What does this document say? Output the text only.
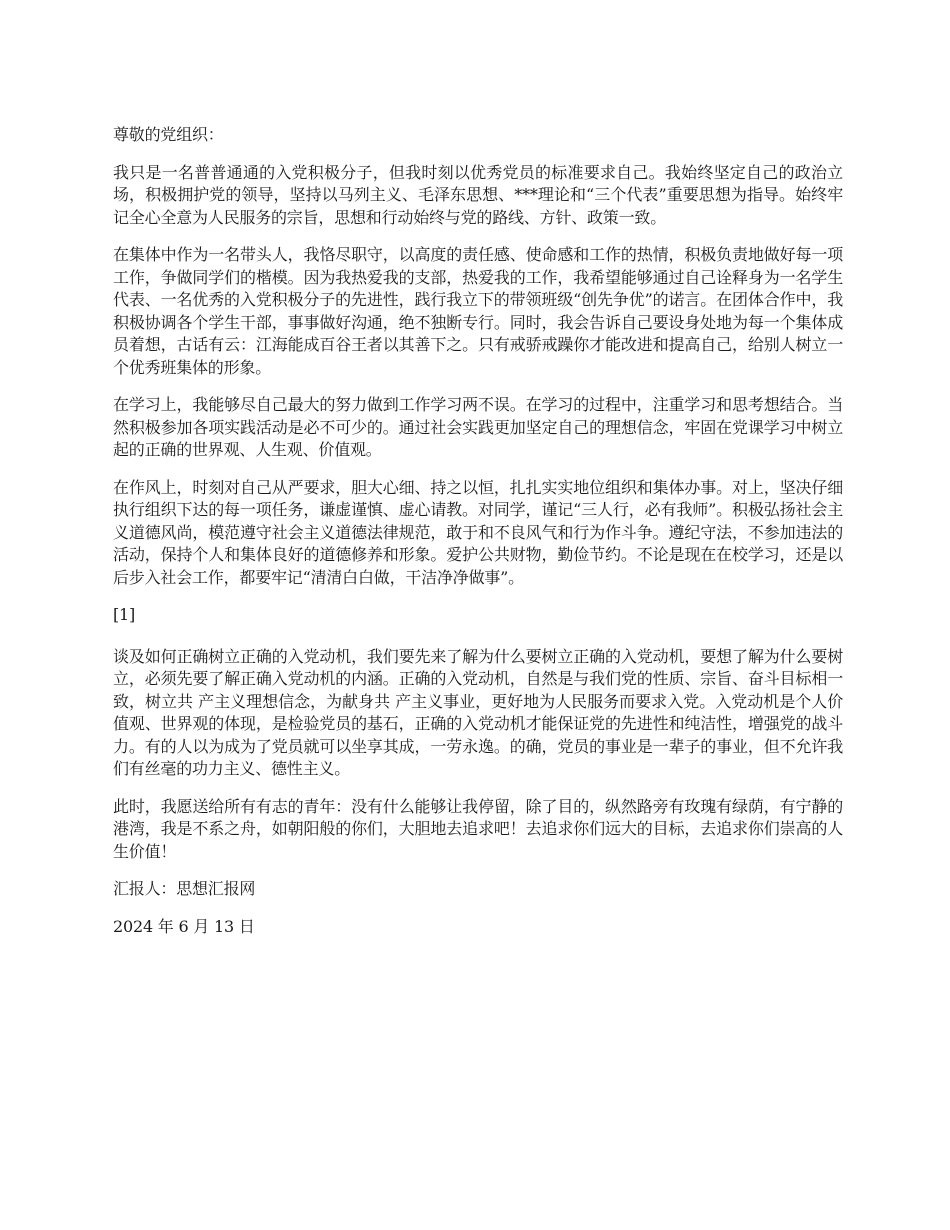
尊敬的党组织：

我只是一名普普通通的入党积极分子，但我时刻以优秀党员的标准要求自己。我始终坚定自己的政治立场，积极拥护党的领导，坚持以马列主义、毛泽东思想、***理论和“三个代表”重要思想为指导。始终牢记全心全意为人民服务的宗旨，思想和行动始终与党的路线、方针、政策一致。

在集体中作为一名带头人，我恪尽职守，以高度的责任感、使命感和工作的热情，积极负责地做好每一项工作，争做同学们的楷模。因为我热爱我的支部，热爱我的工作，我希望能够通过自己诠释身为一名学生代表、一名优秀的入党积极分子的先进性，践行我立下的带领班级“创先争优”的诺言。在团体合作中，我积极协调各个学生干部，事事做好沟通，绝不独断专行。同时，我会告诉自己要设身处地为每一个集体成员着想，古话有云：江海能成百谷王者以其善下之。只有戒骄戒躁你才能改进和提高自己，给别人树立一个优秀班集体的形象。

在学习上，我能够尽自己最大的努力做到工作学习两不误。在学习的过程中，注重学习和思考想结合。当然积极参加各项实践活动是必不可少的。通过社会实践更加坚定自己的理想信念，牢固在党课学习中树立起的正确的世界观、人生观、价值观。

在作风上，时刻对自己从严要求，胆大心细、持之以恒，扎扎实实地位组织和集体办事。对上，坚决仔细执行组织下达的每一项任务，谦虚谨慎、虚心请教。对同学，谨记“三人行，必有我师”。积极弘扬社会主义道德风尚，模范遵守社会主义道德法律规范，敢于和不良风气和行为作斗争。遵纪守法，不参加违法的活动，保持个人和集体良好的道德修养和形象。爱护公共财物，勤俭节约。不论是现在在校学习，还是以后步入社会工作，都要牢记“清清白白做，干洁净净做事”。

[1]

谈及如何正确树立正确的入党动机，我们要先来了解为什么要树立正确的入党动机，要想了解为什么要树立，必须先要了解正确入党动机的内涵。正确的入党动机，自然是与我们党的性质、宗旨、奋斗目标相一致，树立共 产主义理想信念，为献身共 产主义事业，更好地为人民服务而要求入党。入党动机是个人价值观、世界观的体现，是检验党员的基石，正确的入党动机才能保证党的先进性和纯洁性，增强党的战斗力。有的人以为成为了党员就可以坐享其成，一劳永逸。的确，党员的事业是一辈子的事业，但不允许我们有丝毫的功力主义、德性主义。

此时，我愿送给所有有志的青年：没有什么能够让我停留，除了目的，纵然路旁有玫瑰有绿荫，有宁静的港湾，我是不系之舟，如朝阳般的你们，大胆地去追求吧！去追求你们远大的目标，去追求你们崇高的人生价值！

汇报人：思想汇报网

2024 年 6 月 13 日
